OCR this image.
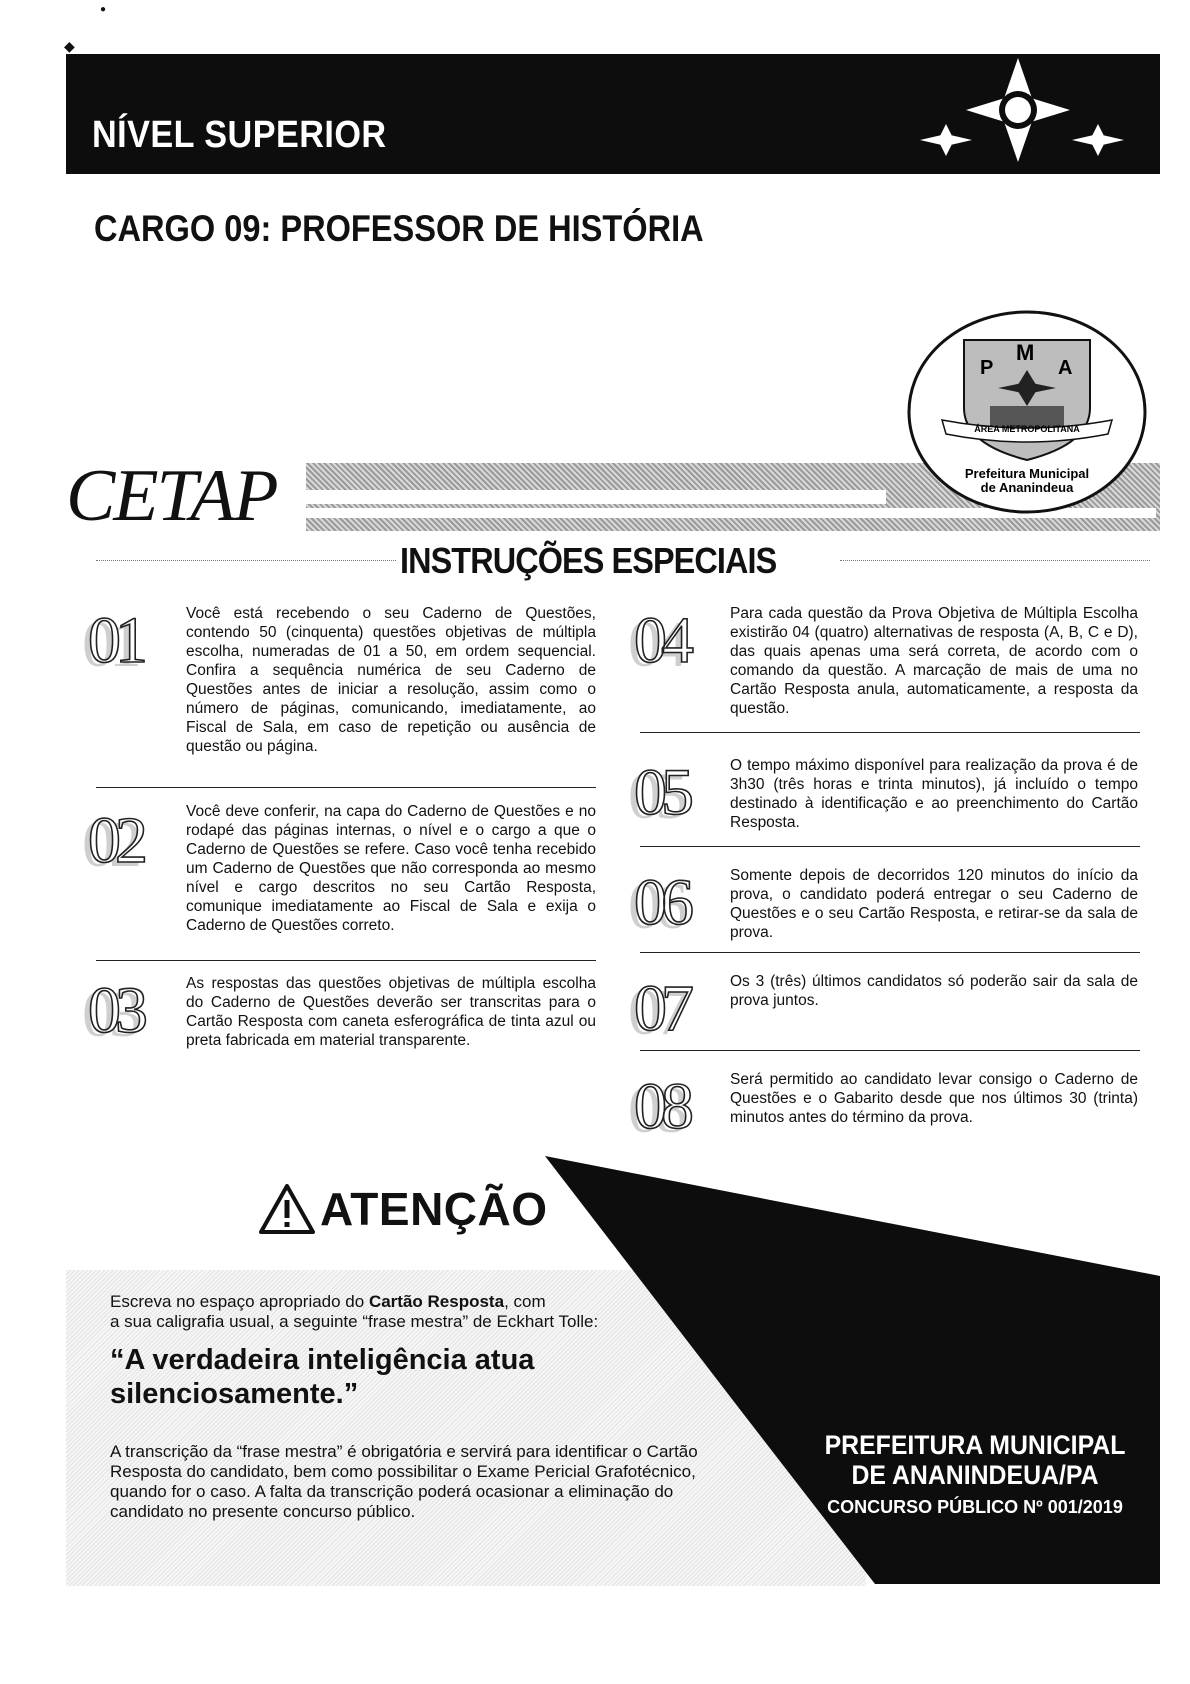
●
◆
NÍVEL SUPERIOR
CARGO 09: PROFESSOR DE HISTÓRIA
CETAP
P
M
A
ÁREA METROPOLITANA
Prefeitura Municipal
de Ananindeua
INSTRUÇÕES ESPECIAIS
01	Você está recebendo o seu Caderno de Questões, contendo 50 (cinquenta) questões objetivas de múltipla escolha, numeradas de 01 a 50, em ordem sequencial. Confira a sequência numérica de seu Caderno de Questões antes de iniciar a resolução, assim como o número de páginas, comunicando, imediatamente, ao Fiscal de Sala, em caso de repetição ou ausência de questão ou página.
02	Você deve conferir, na capa do Caderno de Questões e no rodapé das páginas internas, o nível e o cargo a que o Caderno de Questões se refere. Caso você tenha recebido um Caderno de Questões que não corresponda ao mesmo nível e cargo descritos no seu Cartão Resposta, comunique imediatamente ao Fiscal de Sala e exija o Caderno de Questões correto.
03	As respostas das questões objetivas de múltipla escolha do Caderno de Questões deverão ser transcritas para o Cartão Resposta com caneta esferográfica de tinta azul ou preta fabricada em material transparente.
04	Para cada questão da Prova Objetiva de Múltipla Escolha existirão 04 (quatro) alternativas de resposta (A, B, C e D), das quais apenas uma será correta, de acordo com o comando da questão. A marcação de mais de uma no Cartão Resposta anula, automaticamente, a resposta da questão.
05	O tempo máximo disponível para realização da prova é de 3h30 (três horas e trinta minutos), já incluído o tempo destinado à identificação e ao preenchimento do Cartão Resposta.
06	Somente depois de decorridos 120 minutos do início da prova, o candidato poderá entregar o seu Caderno de Questões e o seu Cartão Resposta, e retirar-se da sala de prova.
07	Os 3 (três) últimos candidatos só poderão sair da sala de prova juntos.
08	Será permitido ao candidato levar consigo o Caderno de Questões e o Gabarito desde que nos últimos 30 (trinta) minutos antes do término da prova.
ATENÇÃO
Escreva no espaço apropriado do Cartão Resposta, com
a sua caligrafia usual, a seguinte “frase mestra” de Eckhart Tolle:
“A verdadeira inteligência atua
silenciosamente.”
A transcrição da “frase mestra” é obrigatória e servirá para identificar o Cartão Resposta do candidato, bem como possibilitar o Exame Pericial Grafotécnico, quando for o caso. A falta da transcrição poderá ocasionar a eliminação do candidato no presente concurso público.
PREFEITURA MUNICIPAL
DE ANANINDEUA/PA
CONCURSO PÚBLICO Nº 001/2019
